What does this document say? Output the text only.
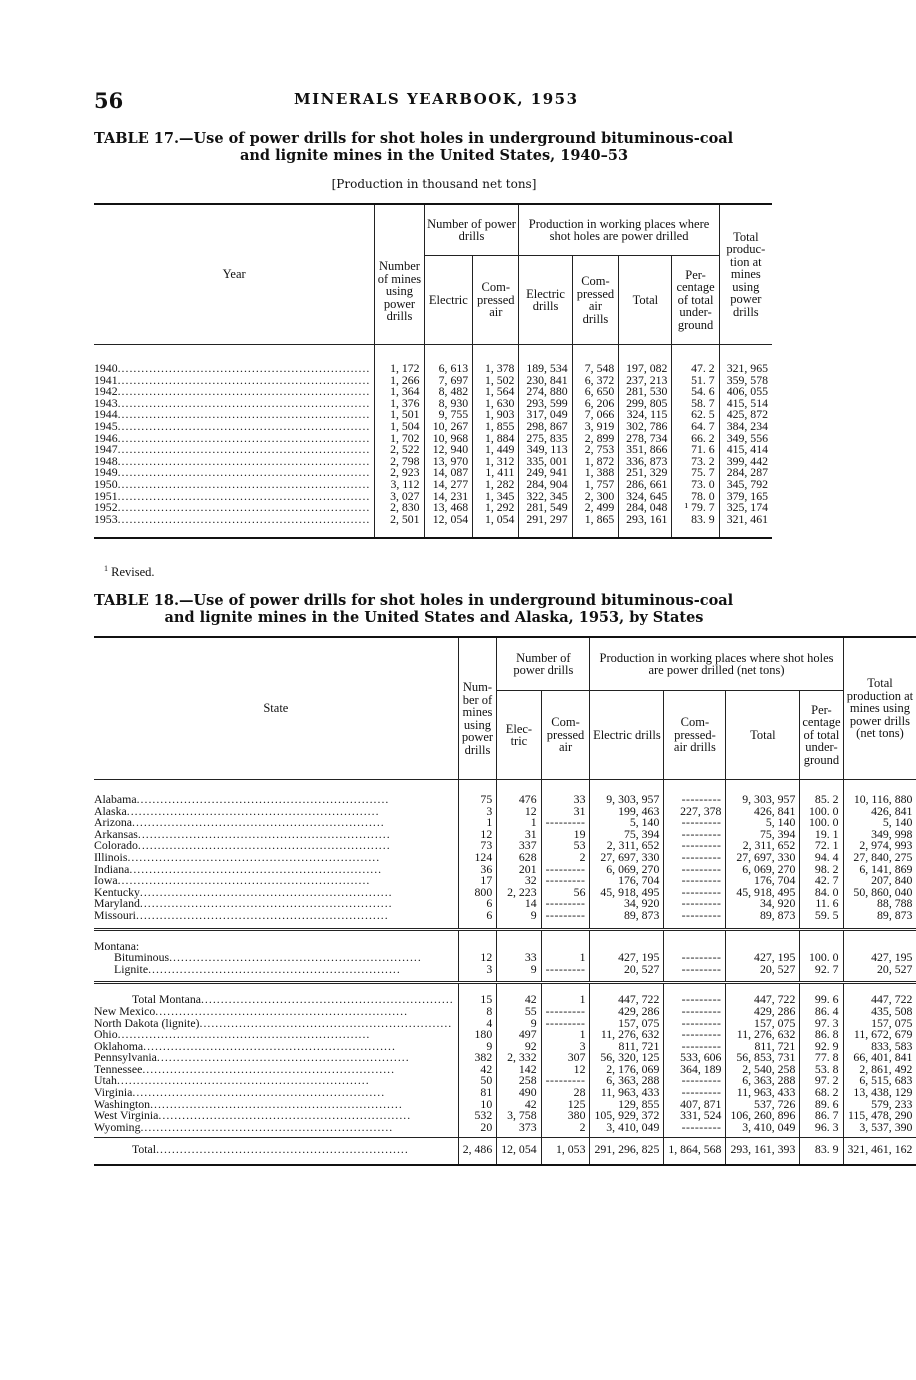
56	MINERALS YEARBOOK, 1953
TABLE 17.—Use of power drills for shot holes in underground bituminous-coal
and lignite mines in the United States, 1940–53
[Production in thousand net tons]
Year	Number of mines using power drills	Number of power drills		Production in working places where shot holes are power drilled				Total produc- tion at mines using power drills
		Electric	Com- pressed air	Electric drills	Com- pressed air drills	Total	Per- centage of total under- ground	
1940 .....	1, 172	6, 613	1, 378	189, 534	7, 548	197, 082	47. 2	321, 965
1941 .....	1, 266	7, 697	1, 502	230, 841	6, 372	237, 213	51. 7	359, 578
1942 .....	1, 364	8, 482	1, 564	274, 880	6, 650	281, 530	54. 6	406, 055
1943 .....	1, 376	8, 930	1, 630	293, 599	6, 206	299, 805	58. 7	415, 514
1944 .....	1, 501	9, 755	1, 903	317, 049	7, 066	324, 115	62. 5	425, 872
1945 .....	1, 504	10, 267	1, 855	298, 867	3, 919	302, 786	64. 7	384, 234
1946 .....	1, 702	10, 968	1, 884	275, 835	2, 899	278, 734	66. 2	349, 556
1947 .....	2, 522	12, 940	1, 449	349, 113	2, 753	351, 866	71. 6	415, 414
1948 .....	2, 798	13, 970	1, 312	335, 001	1, 872	336, 873	73. 2	399, 442
1949 .....	2, 923	14, 087	1, 411	249, 941	1, 388	251, 329	75. 7	284, 287
1950 .....	3, 112	14, 277	1, 282	284, 904	1, 757	286, 661	73. 0	345, 792
1951 .....	3, 027	14, 231	1, 345	322, 345	2, 300	324, 645	78. 0	379, 165
1952 .....	2, 830	13, 468	1, 292	281, 549	2, 499	284, 048	¹ 79. 7	325, 174
1953 .....	2, 501	12, 054	1, 054	291, 297	1, 865	293, 161	83. 9	321, 461
$^1$ Revised.
TABLE 18.—Use of power drills for shot holes in underground bituminous-coal
and lignite mines in the United States and Alaska, 1953, by States
State	Num- ber of mines using power drills	Number of power drills		Production in working places where shot holes are power drilled (net tons)				Total production at mines using power drills (net tons)
		Elec- tric	Com- pressed air	Electric drills	Com- pressed- air drills	Total	Per- centage of total under- ground	
Alabama .....	75	476	33	9, 303, 957	-----	9, 303, 957	85. 2	10, 116, 880
Alaska .....	3	12	31	199, 463	227, 378	426, 841	100. 0	426, 841
Arizona .....	1	1	-----	5, 140	-----	5, 140	100. 0	5, 140
Arkansas .....	12	31	19	75, 394	-----	75, 394	19. 1	349, 998
Colorado .....	73	337	53	2, 311, 652	-----	2, 311, 652	72. 1	2, 974, 993
Illinois .....	124	628	2	27, 697, 330	-----	27, 697, 330	94. 4	27, 840, 275
Indiana .....	36	201	-----	6, 069, 270	-----	6, 069, 270	98. 2	6, 141, 869
Iowa .....	17	32	-----	176, 704	-----	176, 704	42. 7	207, 840
Kentucky .....	800	2, 223	56	45, 918, 495	-----	45, 918, 495	84. 0	50, 860, 040
Maryland .....	6	14	-----	34, 920	-----	34, 920	11. 6	88, 788
Missouri .....	6	9	-----	89, 873	-----	89, 873	59. 5	89, 873
Montana:								
Bituminous .....	12	33	1	427, 195	-----	427, 195	100. 0	427, 195
Lignite .....	3	9	-----	20, 527	-----	20, 527	92. 7	20, 527
Total Montana .....	15	42	1	447, 722	-----	447, 722	99. 6	447, 722
New Mexico .....	8	55	-----	429, 286	-----	429, 286	86. 4	435, 508
North Dakota (lignite) .....	4	9	-----	157, 075	-----	157, 075	97. 3	157, 075
Ohio .....	180	497	1	11, 276, 632	-----	11, 276, 632	86. 8	11, 672, 679
Oklahoma .....	9	92	3	811, 721	-----	811, 721	92. 9	833, 583
Pennsylvania .....	382	2, 332	307	56, 320, 125	533, 606	56, 853, 731	77. 8	66, 401, 841
Tennessee .....	42	142	12	2, 176, 069	364, 189	2, 540, 258	53. 8	2, 861, 492
Utah .....	50	258	-----	6, 363, 288	-----	6, 363, 288	97. 2	6, 515, 683
Virginia .....	81	490	28	11, 963, 433	-----	11, 963, 433	68. 2	13, 438, 129
Washington .....	10	42	125	129, 855	407, 871	537, 726	89. 6	579, 233
West Virginia .....	532	3, 758	380	105, 929, 372	331, 524	106, 260, 896	86. 7	115, 478, 290
Wyoming .....	20	373	2	3, 410, 049	-----	3, 410, 049	96. 3	3, 537, 390
Total .....	2, 486	12, 054	1, 053	291, 296, 825	1, 864, 568	293, 161, 393	83. 9	321, 461, 162
